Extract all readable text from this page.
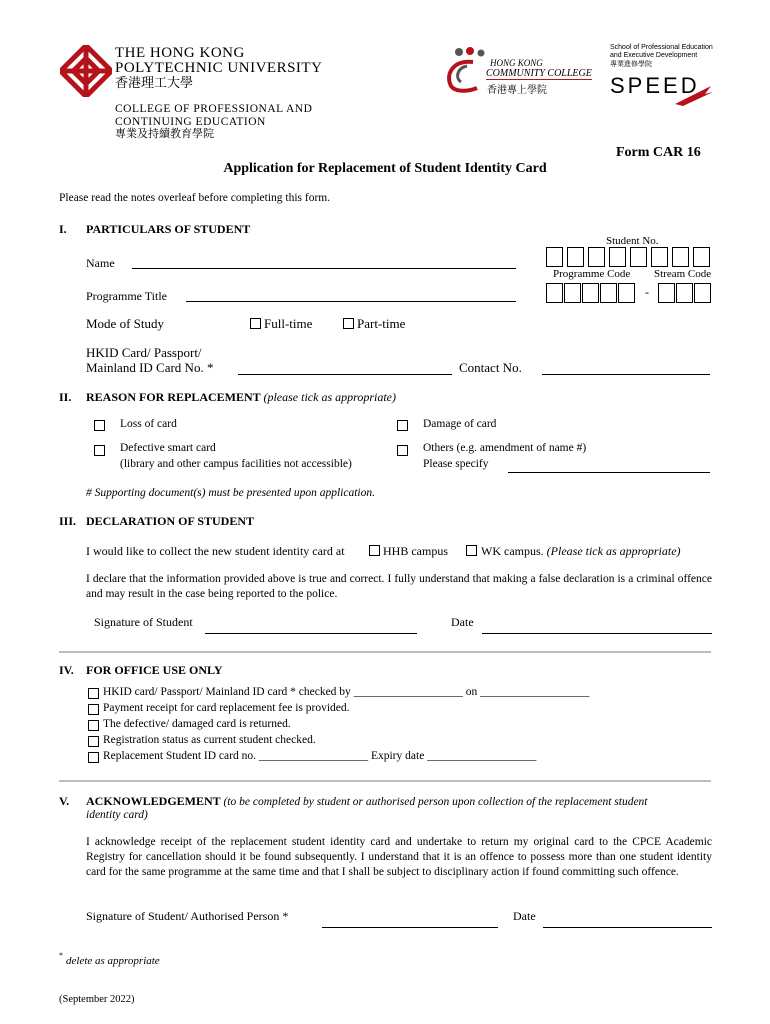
THE HONG KONG
POLYTECHNIC UNIVERSITY
香港理工大學
COLLEGE OF PROFESSIONAL AND
CONTINUING EDUCATION
專業及持續教育學院
HONG KONG
COMMUNITY COLLEGE
香港專上學院
School of Professional Education
and Executive Development
專業進修學院
SPEED
Form CAR 16
Application for Replacement of Student Identity Card
Please read the notes overleaf before completing this form.
I. PARTICULARS OF STUDENT
Student No.
Name
Programme Code Stream Code
-
Programme Title
Mode of Study	Full-time	Part-time
HKID Card/ Passport/
Mainland ID Card No. *	Contact No.
II. REASON FOR REPLACEMENT (please tick as appropriate)
Loss of card	Damage of card
Defective smart card
(library and other campus facilities not accessible)
Others (e.g. amendment of name #)
Please specify
# Supporting document(s) must be presented upon application.
III. DECLARATION OF STUDENT
I would like to collect the new student identity card at	HHB campus	WK campus. (Please tick as appropriate)
I declare that the information provided above is true and correct. I fully understand that making a false declaration is a criminal offence and may result in the case being reported to the police.
Signature of Student	Date
IV. FOR OFFICE USE ONLY
HKID card/ Passport/ Mainland ID card * checked by ___________________ on ___________________
Payment receipt for card replacement fee is provided.
The defective/ damaged card is returned.
Registration status as current student checked.
Replacement Student ID card no. ___________________ Expiry date ___________________
V. ACKNOWLEDGEMENT (to be completed by student or authorised person upon collection of the replacement student
identity card)
I acknowledge receipt of the replacement student identity card and undertake to return my original card to the CPCE Academic Registry for cancellation should it be found subsequently. I understand that it is an offence to possess more than one student identity card for the same programme at the same time and that I shall be subject to disciplinary action if found committing such offence.
Signature of Student/ Authorised Person *	Date
* delete as appropriate
(September 2022)
